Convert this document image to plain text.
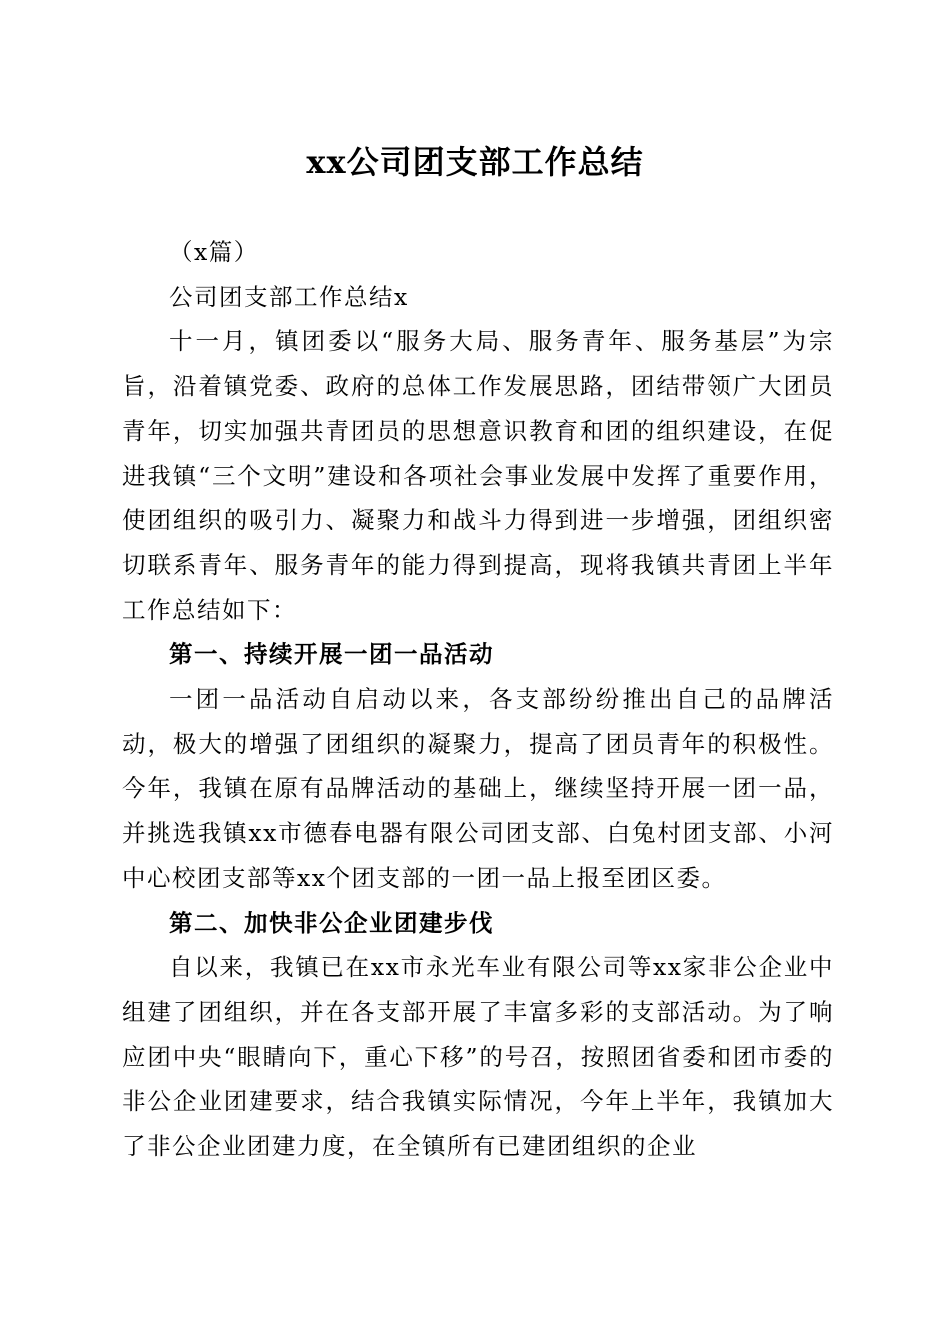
xx公司团支部工作总结

（x篇）

公司团支部工作总结x

十一月，镇团委以“服务大局、服务青年、服务基层”为宗旨，沿着镇党委、政府的总体工作发展思路，团结带领广大团员青年，切实加强共青团员的思想意识教育和团的组织建设，在促进我镇“三个文明”建设和各项社会事业发展中发挥了重要作用，使团组织的吸引力、凝聚力和战斗力得到进一步增强，团组织密切联系青年、服务青年的能力得到提高，现将我镇共青团上半年工作总结如下：

第一、持续开展一团一品活动

一团一品活动自启动以来，各支部纷纷推出自己的品牌活动，极大的增强了团组织的凝聚力，提高了团员青年的积极性。今年，我镇在原有品牌活动的基础上，继续坚持开展一团一品，并挑选我镇xx市德春电器有限公司团支部、白兔村团支部、小河中心校团支部等xx个团支部的一团一品上报至团区委。

第二、加快非公企业团建步伐

自以来，我镇已在xx市永光车业有限公司等xx家非公企业中组建了团组织，并在各支部开展了丰富多彩的支部活动。为了响应团中央“眼睛向下，重心下移”的号召，按照团省委和团市委的非公企业团建要求，结合我镇实际情况，今年上半年，我镇加大了非公企业团建力度，在全镇所有已建团组织的企业
